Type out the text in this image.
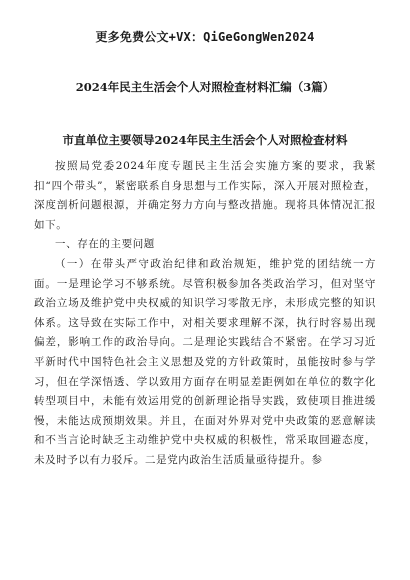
更多免费公文+VX：QiGeGongWen2024

2024年民主生活会个人对照检查材料汇编（3篇）

市直单位主要领导2024年民主生活会个人对照检查材料

按照局党委2024年度专题民主生活会实施方案的要求，我紧扣“四个带头”，紧密联系自身思想与工作实际，深入开展对照检查，深度剖析问题根源，并确定努力方向与整改措施。现将具体情况汇报如下。

一、存在的主要问题

（一）在带头严守政治纪律和政治规矩，维护党的团结统一方面。一是理论学习不够系统。尽管积极参加各类政治学习，但对坚守政治立场及维护党中央权威的知识学习零散无序，未形成完整的知识体系。这导致在实际工作中，对相关要求理解不深，执行时容易出现偏差，影响工作的政治导向。二是理论实践结合不紧密。在学习习近平新时代中国特色社会主义思想及党的方针政策时，虽能按时参与学习，但在学深悟透、学以致用方面存在明显差距例如在单位的数字化转型项目中，未能有效运用党的创新理论指导实践，致使项目推进缓慢，未能达成预期效果。并且，在面对外界对党中央政策的恶意解读和不当言论时缺乏主动维护党中央权威的积极性，常采取回避态度，未及时予以有力驳斥。二是党内政治生活质量亟待提升。参
